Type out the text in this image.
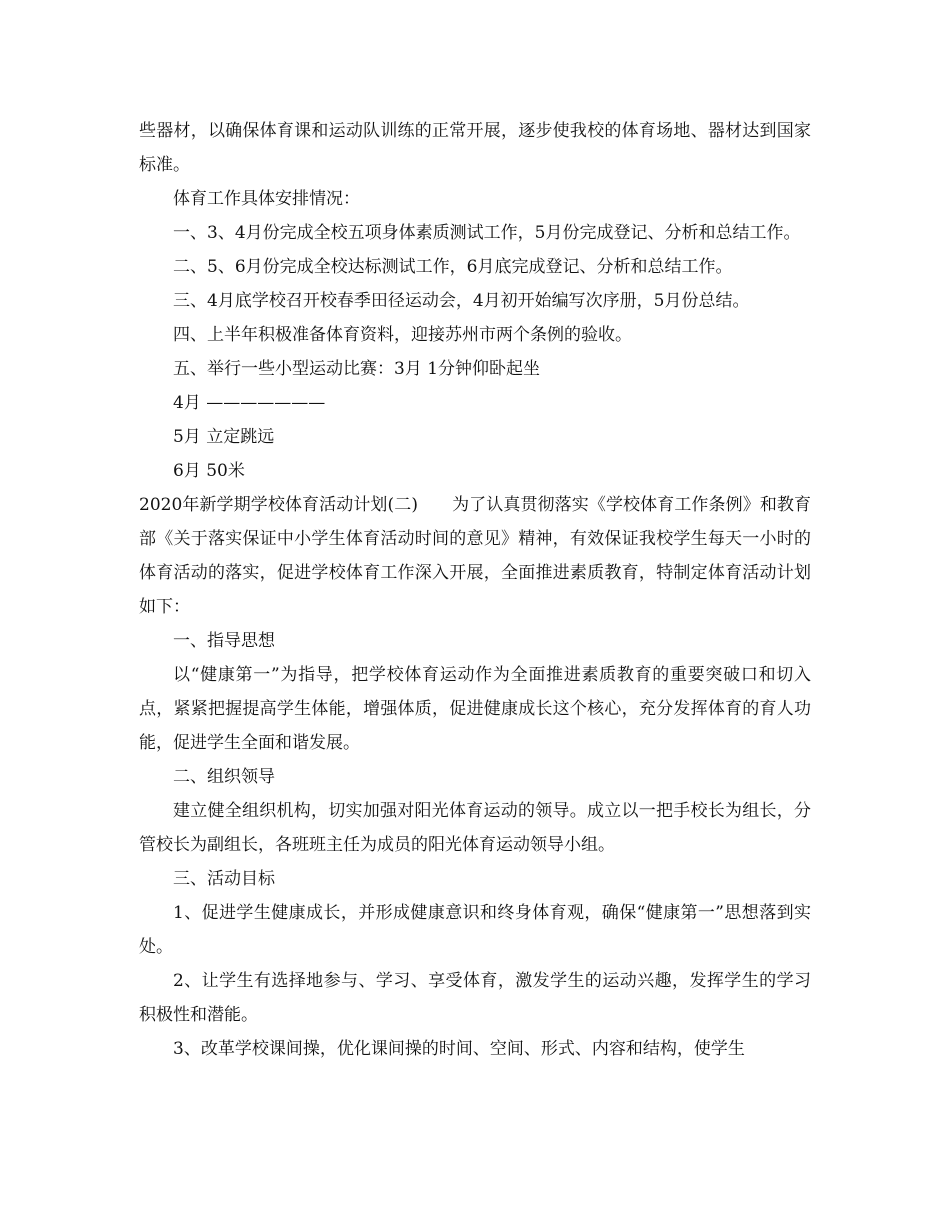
些器材，以确保体育课和运动队训练的正常开展，逐步使我校的体育场地、器材达到国家标准。

体育工作具体安排情况：

一、3、4月份完成全校五项身体素质测试工作，5月份完成登记、分析和总结工作。

二、5、6月份完成全校达标测试工作，6月底完成登记、分析和总结工作。

三、4月底学校召开校春季田径运动会，4月初开始编写次序册，5月份总结。

四、上半年积极准备体育资料，迎接苏州市两个条例的验收。

五、举行一些小型运动比赛：3月 1分钟仰卧起坐

4月 ———————

5月 立定跳远

6月 50米

2020年新学期学校体育活动计划(二) 为了认真贯彻落实《学校体育工作条例》和教育部《关于落实保证中小学生体育活动时间的意见》精神，有效保证我校学生每天一小时的体育活动的落实，促进学校体育工作深入开展，全面推进素质教育，特制定体育活动计划如下：

一、指导思想

以“健康第一”为指导，把学校体育运动作为全面推进素质教育的重要突破口和切入点，紧紧把握提高学生体能，增强体质，促进健康成长这个核心，充分发挥体育的育人功能，促进学生全面和谐发展。

二、组织领导

建立健全组织机构，切实加强对阳光体育运动的领导。成立以一把手校长为组长，分管校长为副组长，各班班主任为成员的阳光体育运动领导小组。

三、活动目标

1、促进学生健康成长，并形成健康意识和终身体育观，确保“健康第一”思想落到实处。

2、让学生有选择地参与、学习、享受体育，激发学生的运动兴趣，发挥学生的学习积极性和潜能。

3、改革学校课间操，优化课间操的时间、空间、形式、内容和结构，使学生
